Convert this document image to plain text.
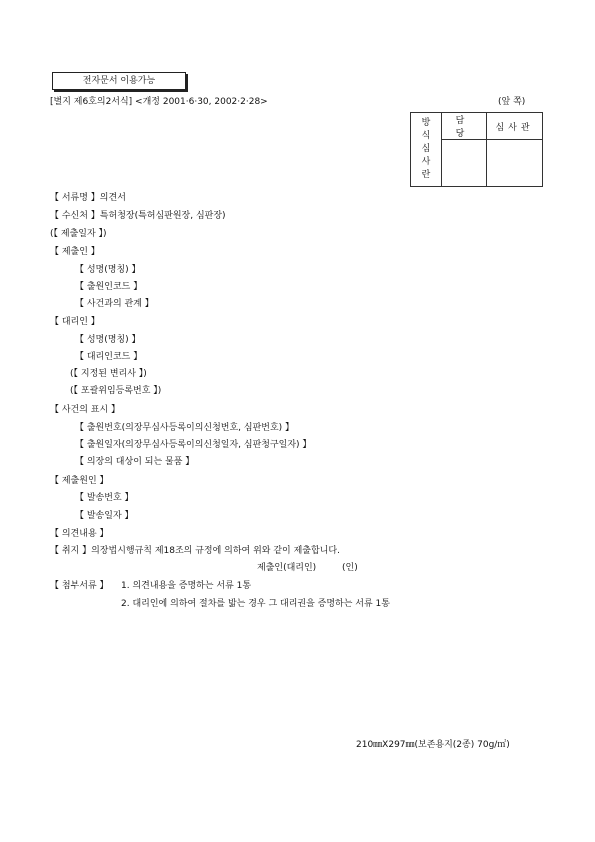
전자문서 이용가능
[별지 제6호의2서식] <개정 2001·6·30, 2002·2·28>	(앞 쪽)
방
식
심
사
란	담 당	심사관

【 서류명 】의견서
【 수신처 】특허청장(특허심판원장, 심판장)
(【 제출일자 】)
【 제출인 】
【 성명(명칭) 】
【 출원인코드 】
【 사건과의 관계 】
【 대리인 】
【 성명(명칭) 】
【 대리인코드 】
(【 지정된 변리사 】)
(【 포괄위임등록번호 】)
【 사건의 표시 】
【 출원번호(의장무심사등록이의신청번호, 심판번호) 】
【 출원일자(의장무심사등록이의신청일자, 심판청구일자) 】
【 의장의 대상이 되는 물품 】
【 제출원인 】
【 발송번호 】
【 발송일자 】
【 의견내용 】
【 취지 】의장법시행규칙 제18조의 규정에 의하여 위와 같이 제출합니다.
제출인(대리인)	(인)
【 첨부서류 】 1. 의견내용을 증명하는 서류 1통
2. 대리인에 의하여 절차를 밟는 경우 그 대리권을 증명하는 서류 1통
210㎜X297㎜(보존용지(2종) 70g/㎡)
